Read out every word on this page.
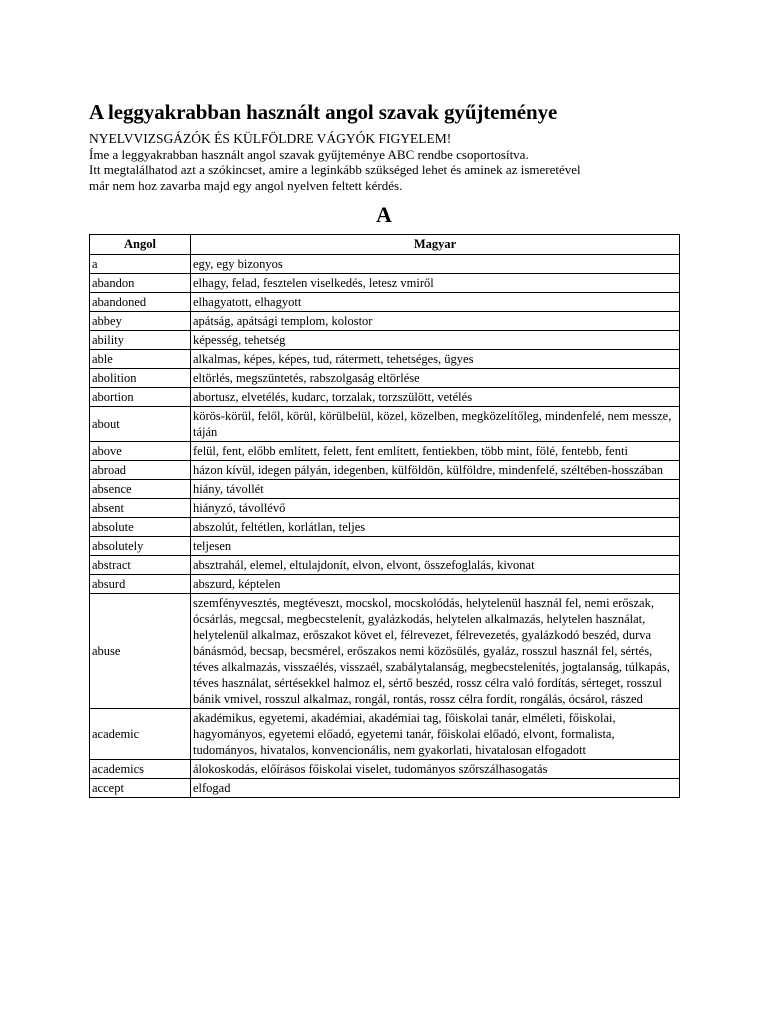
A leggyakrabban használt angol szavak gyűjteménye
NYELVVIZSGÁZÓK ÉS KÜLFÖLDRE VÁGYÓK FIGYELEM!
Íme a leggyakrabban használt angol szavak gyűjteménye ABC rendbe csoportosítva.
Itt megtalálhatod azt a szókincset, amire a leginkább szükséged lehet és aminek az ismeretével
már nem hoz zavarba majd egy angol nyelven feltett kérdés.
A
Angol	Magyar
a	egy, egy bizonyos
abandon	elhagy, felad, fesztelen viselkedés, letesz vmiről
abandoned	elhagyatott, elhagyott
abbey	apátság, apátsági templom, kolostor
ability	képesség, tehetség
able	alkalmas, képes, képes, tud, rátermett, tehetséges, ügyes
abolition	eltörlés, megszüntetés, rabszolgaság eltörlése
abortion	abortusz, elvetélés, kudarc, torzalak, torzszülött, vetélés
about	körös-körül, felől, körül, körülbelül, közel, közelben, megközelítőleg, mindenfelé, nem messze, táján
above	felül, fent, előbb említett, felett, fent említett, fentiekben, több mint, fölé, fentebb, fenti
abroad	házon kívül, idegen pályán, idegenben, külföldön, külföldre, mindenfelé, széltében-hosszában
absence	hiány, távollét
absent	hiányzó, távollévő
absolute	abszolút, feltétlen, korlátlan, teljes
absolutely	teljesen
abstract	absztrahál, elemel, eltulajdonít, elvon, elvont, összefoglalás, kivonat
absurd	abszurd, képtelen
abuse	szemfényvesztés, megtéveszt, mocskol, mocskolódás, helytelenül használ fel, nemi erőszak, ócsárlás, megcsal, megbecstelenít, gyalázkodás, helytelen alkalmazás, helytelen használat, helytelenül alkalmaz, erőszakot követ el, félrevezet, félrevezetés, gyalázkodó beszéd, durva bánásmód, becsap, becsmérel, erőszakos nemi közösülés, gyaláz, rosszul használ fel, sértés, téves alkalmazás, visszaélés, visszaél, szabálytalanság, megbecstelenítés, jogtalanság, túlkapás, téves használat, sértésekkel halmoz el, sértő beszéd, rossz célra való fordítás, sérteget, rosszul bánik vmivel, rosszul alkalmaz, rongál, rontás, rossz célra fordít, rongálás, ócsárol, rászed
academic	akadémikus, egyetemi, akadémiai, akadémiai tag, főiskolai tanár, elméleti, főiskolai, hagyományos, egyetemi előadó, egyetemi tanár, főiskolai előadó, elvont, formalista, tudományos, hivatalos, konvencionális, nem gyakorlati, hivatalosan elfogadott
academics	álokoskodás, előírásos főiskolai viselet, tudományos szőrszálhasogatás
accept	elfogad
